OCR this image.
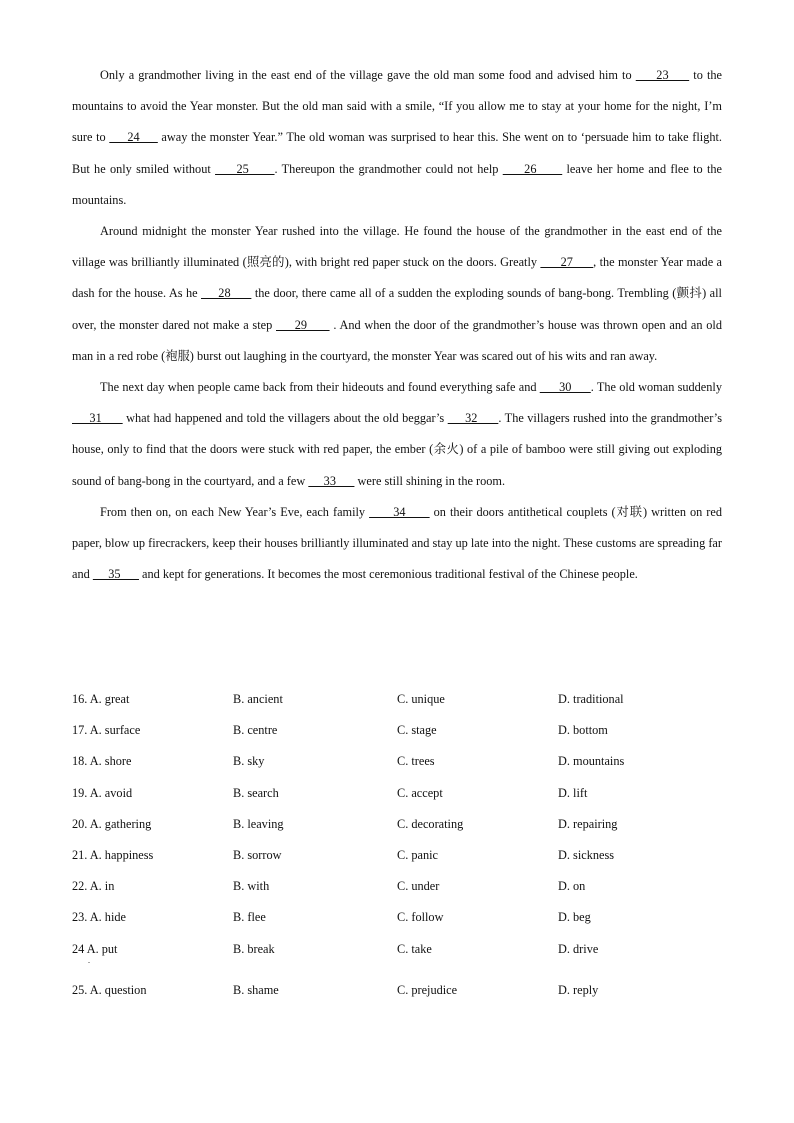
Only a grandmother living in the east end of the village gave the old man some food and advised him to      23      to the mountains to avoid the Year monster. But the old man said with a smile, “If you allow me to stay at your home for the night, I’m sure to      24      away the monster Year.” The old woman was surprised to hear this. She went on to ‘persuade him to take flight. But he only smiled without      25      . Thereupon the grandmother could not help      26       leave her home and flee to the mountains.

Around midnight the monster Year rushed into the village. He found the house of the grandmother in the east end of the village was brilliantly illuminated (照亮的), with bright red paper stuck on the doors. Greatly       27      , the monster Year made a dash for the house. As he      28       the door, there came all of a sudden the exploding sounds of bang-bong. Trembling (颤抖) all over, the monster dared not make a step      29       . And when the door of the grandmother’s house was thrown open and an old man in a red robe (袍服) burst out laughing in the courtyard, the monster Year was scared out of his wits and ran away.

The next day when people came back from their hideouts and found everything safe and       30      . The old woman suddenly      31       what had happened and told the villagers about the old beggar’s      32      . The villagers rushed into the grandmother’s house, only to find that the doors were stuck with red paper, the ember (余火) of a pile of bamboo were still giving out exploding sound of bang-bong in the courtyard, and a few      33       were still shining in the room.

From then on, on each New Year’s Eve, each family       34       on their doors antithetical couplets (对联) written on red paper, blow up firecrackers, keep their houses brilliantly illuminated and stay up late into the night. These customs are spreading far and      35       and kept for generations. It becomes the most ceremonious traditional festival of the Chinese people.

16. A. great	B. ancient	C. unique	D. traditional
17. A. surface	B. centre	C. stage	D. bottom
18. A. shore	B. sky	C. trees	D. mountains
19. A. avoid	B. search	C. accept	D. lift
20. A. gathering	B. leaving	C. decorating	D. repairing
21. A. happiness	B. sorrow	C. panic	D. sickness
22. A. in	B. with	C. under	D. on
23. A. hide	B. flee	C. follow	D. beg
24 A. put	B. break	C. take	D. drive
.
25. A. question	B. shame	C. prejudice	D. reply
